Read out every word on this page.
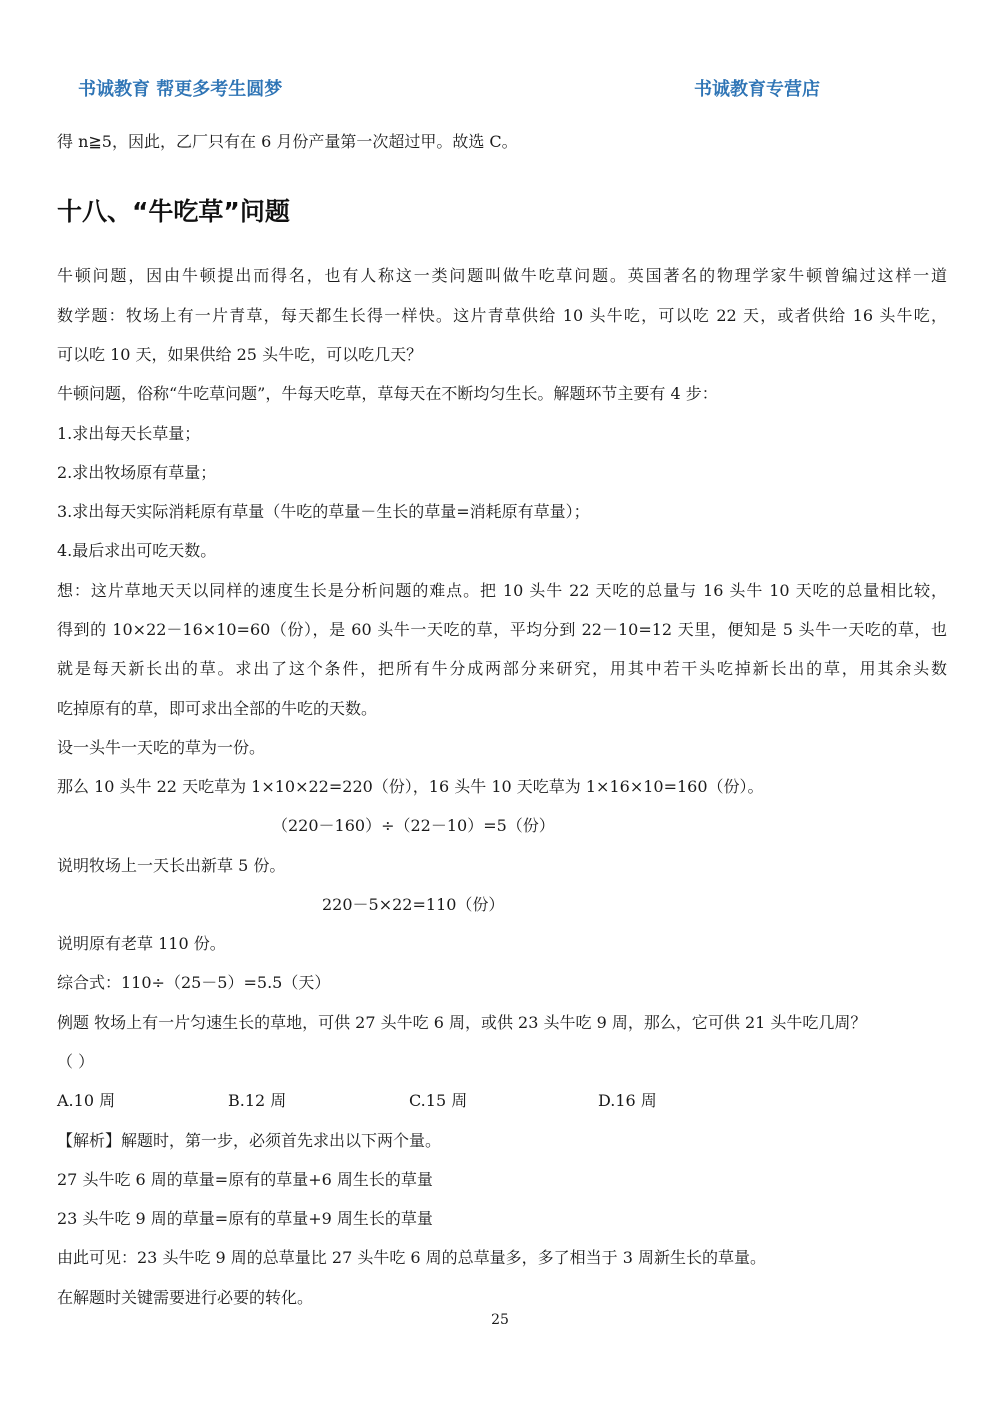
书诚教育 帮更多考生圆梦	书诚教育专营店
得 n≧5，因此，乙厂只有在 6 月份产量第一次超过甲。故选 C。
十八、“牛吃草”问题
牛顿问题，因由牛顿提出而得名，也有人称这一类问题叫做牛吃草问题。英国著名的物理学家牛顿曾编过这样一道
数学题：牧场上有一片青草，每天都生长得一样快。这片青草供给 10 头牛吃，可以吃 22 天，或者供给 16 头牛吃，
可以吃 10 天，如果供给 25 头牛吃，可以吃几天？
牛顿问题，俗称“牛吃草问题”，牛每天吃草，草每天在不断均匀生长。解题环节主要有 4 步：
1.求出每天长草量；
2.求出牧场原有草量；
3.求出每天实际消耗原有草量（牛吃的草量－生长的草量=消耗原有草量）；
4.最后求出可吃天数。
想：这片草地天天以同样的速度生长是分析问题的难点。把 10 头牛 22 天吃的总量与 16 头牛 10 天吃的总量相比较，
得到的 10×22－16×10=60（份），是 60 头牛一天吃的草，平均分到 22－10=12 天里，便知是 5 头牛一天吃的草，也
就是每天新长出的草。求出了这个条件，把所有牛分成两部分来研究，用其中若干头吃掉新长出的草，用其余头数
吃掉原有的草，即可求出全部的牛吃的天数。
设一头牛一天吃的草为一份。
那么 10 头牛 22 天吃草为 1×10×22=220（份），16 头牛 10 天吃草为 1×16×10=160（份）。
（220－160）÷（22－10）=5（份）
说明牧场上一天长出新草 5 份。
220－5×22=110（份）
说明原有老草 110 份。
综合式：110÷（25－5）=5.5（天）
例题 牧场上有一片匀速生长的草地，可供 27 头牛吃 6 周，或供 23 头牛吃 9 周，那么，它可供 21 头牛吃几周？
（ ）
A.10 周	B.12 周	C.15 周	D.16 周
【解析】解题时，第一步，必须首先求出以下两个量。
27 头牛吃 6 周的草量=原有的草量+6 周生长的草量
23 头牛吃 9 周的草量=原有的草量+9 周生长的草量
由此可见：23 头牛吃 9 周的总草量比 27 头牛吃 6 周的总草量多，多了相当于 3 周新生长的草量。
在解题时关键需要进行必要的转化。
25
